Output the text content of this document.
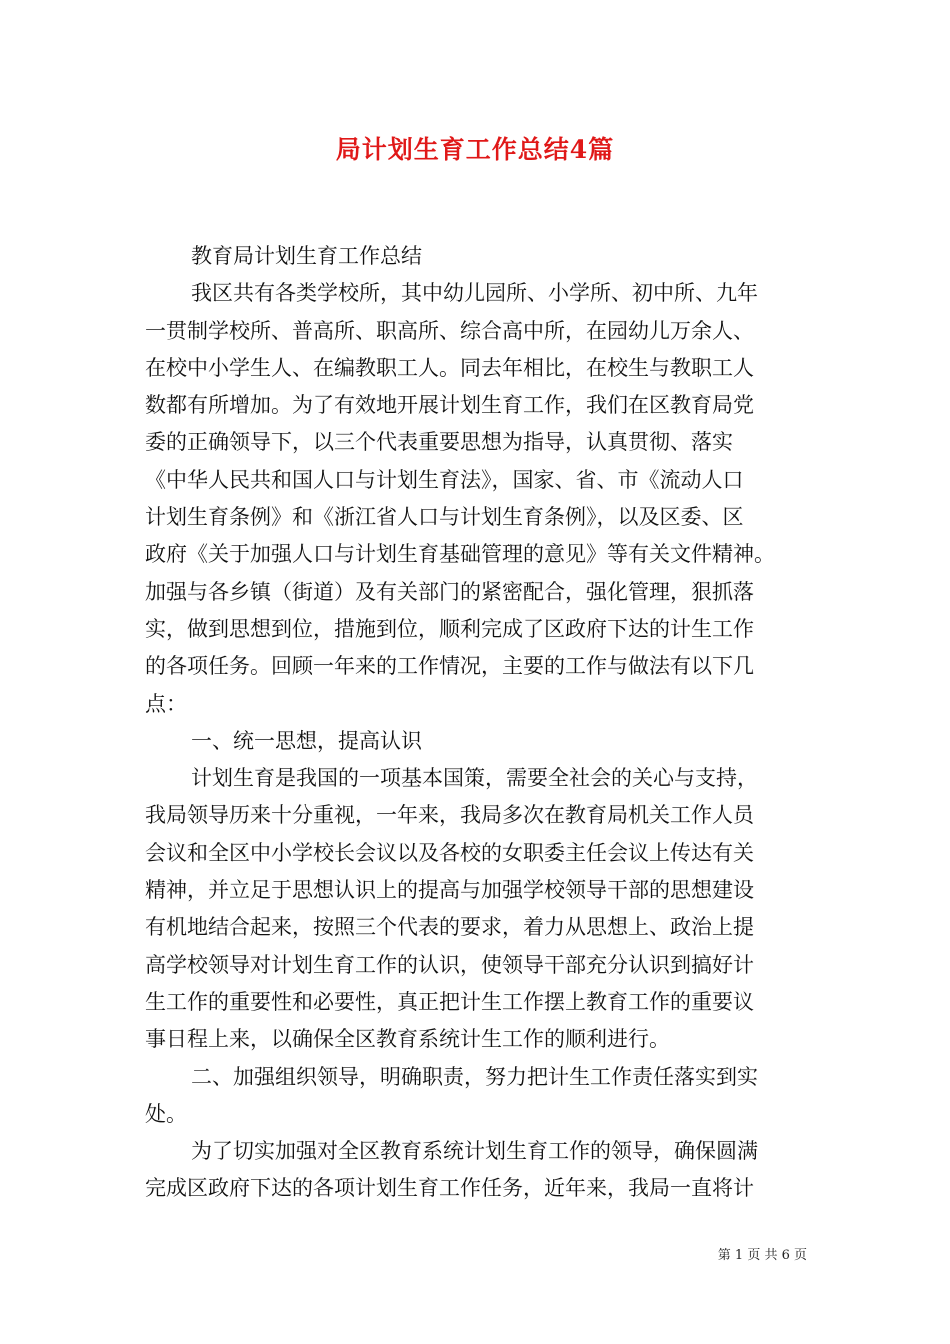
局计划生育工作总结4篇
教育局计划生育工作总结
我区共有各类学校所，其中幼儿园所、小学所、初中所、九年
一贯制学校所、普高所、职高所、综合高中所，在园幼儿万余人、
在校中小学生人、在编教职工人。同去年相比，在校生与教职工人
数都有所增加。为了有效地开展计划生育工作，我们在区教育局党
委的正确领导下，以三个代表重要思想为指导，认真贯彻、落实
《中华人民共和国人口与计划生育法》，国家、省、市《流动人口
计划生育条例》和《浙江省人口与计划生育条例》，以及区委、区
政府《关于加强人口与计划生育基础管理的意见》等有关文件精神。
加强与各乡镇（街道）及有关部门的紧密配合，强化管理，狠抓落
实，做到思想到位，措施到位，顺利完成了区政府下达的计生工作
的各项任务。回顾一年来的工作情况，主要的工作与做法有以下几
点：
一、统一思想，提高认识
计划生育是我国的一项基本国策，需要全社会的关心与支持，
我局领导历来十分重视，一年来，我局多次在教育局机关工作人员
会议和全区中小学校长会议以及各校的女职委主任会议上传达有关
精神，并立足于思想认识上的提高与加强学校领导干部的思想建设
有机地结合起来，按照三个代表的要求，着力从思想上、政治上提
高学校领导对计划生育工作的认识，使领导干部充分认识到搞好计
生工作的重要性和必要性，真正把计生工作摆上教育工作的重要议
事日程上来，以确保全区教育系统计生工作的顺利进行。
二、加强组织领导，明确职责，努力把计生工作责任落实到实
处。
为了切实加强对全区教育系统计划生育工作的领导，确保圆满
完成区政府下达的各项计划生育工作任务，近年来，我局一直将计
第 1 页 共 6 页
